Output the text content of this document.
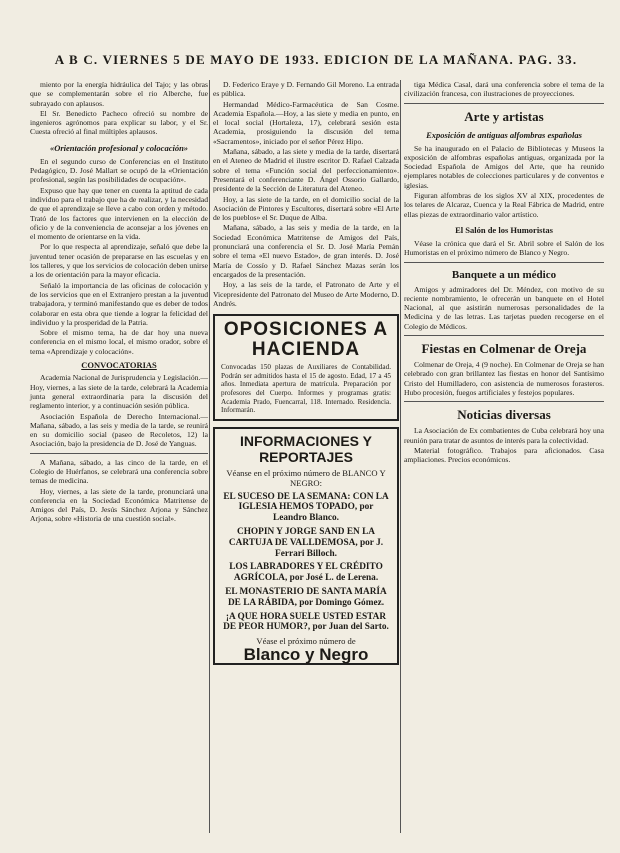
A B C. VIERNES 5 DE MAYO DE 1933. EDICION DE LA MAÑANA. PAG. 33.

miento por la energía hidráulica del Tajo; y las obras que se complementarán sobre el rio Alberche, fue subrayado con aplausos.

El Sr. Benedicto Pacheco ofreció su nombre de ingenieros agrónomos para explicar su labor, y el Sr. Cuesta ofreció al final múltiples aplausos.

«Orientación profesional y colocación»

En el segundo curso de Conferencias en el Instituto Pedagógico, D. José Mallart se ocupó de la «Orientación profesional, según las posibilidades de ocupación».

Expuso que hay que tener en cuenta la aptitud de cada individuo para el trabajo que ha de realizar, y la necesidad de que el aprendizaje se lleve a cabo con orden y método. Trató de los factores que intervienen en la elección de oficio y de la conveniencia de aconsejar a los jóvenes en el momento de orientarse en la vida.

Por lo que respecta al aprendizaje, señaló que debe la juventud tener ocasión de prepararse en las escuelas y en los talleres, y que los servicios de colocación deben unirse a los de orientación para la mayor eficacia.

Señaló la importancia de las oficinas de colocación y de los servicios que en el Extranjero prestan a la juventud trabajadora, y terminó manifestando que es deber de todos colaborar en esta obra que tiende a lograr la felicidad del individuo y la prosperidad de la Patria.

Sobre el mismo tema, ha de dar hoy una nueva conferencia en el mismo local, el mismo orador, sobre el tema «Aprendizaje y colocación».

CONVOCATORIAS

Academia Nacional de Jurisprudencia y Legislación.—Hoy, viernes, a las siete de la tarde, celebrará la Academia junta general extraordinaria para la discusión del reglamento interior, y a continuación sesión pública.

Asociación Española de Derecho Internacional.—Mañana, sábado, a las seis y media de la tarde, se reunirá en su domicilio social (paseo de Recoletos, 12) la Asociación, bajo la presidencia de D. José de Yanguas.

A Mañana, sábado, a las cinco de la tarde, en el Colegio de Huérfanos, se celebrará una conferencia sobre temas de medicina.

Hoy, viernes, a las siete de la tarde, pronunciará una conferencia en la Sociedad Económica Matritense de Amigos del País, D. Jesús Sánchez Arjona y Sánchez Arjona, sobre «Historia de una cuestión social».

D. Federico Eraye y D. Fernando Gil Moreno. La entrada es pública.

Hermandad Médico-Farmacéutica de San Cosme. Academia Española.—Hoy, a las siete y media en punto, en el local social (Hortaleza, 17), celebrará sesión esta Academia, prosiguiendo la discusión del tema «Sacramentos», iniciado por el señor Pérez Hipo.

Mañana, sábado, a las siete y media de la tarde, disertará en el Ateneo de Madrid el ilustre escritor D. Rafael Calzada sobre el tema «Función social del perfeccionamiento». Presentará el conferenciante D. Ángel Ossorio Gallardo, presidente de la Sección de Literatura del Ateneo.

Hoy, a las siete de la tarde, en el domicilio social de la Asociación de Pintores y Escultores, disertará sobre «El Arte de los pueblos» el Sr. Duque de Alba.

Mañana, sábado, a las seis y media de la tarde, en la Sociedad Económica Matritense de Amigos del País, pronunciará una conferencia el Sr. D. José María Pemán sobre el tema «El nuevo Estado», de gran interés. D. José María de Cossío y D. Rafael Sánchez Mazas serán los encargados de la presentación.

Hoy, a las seis de la tarde, el Patronato de Arte y el Vicepresidente del Patronato del Museo de Arte Moderno, D. Andrés.

OPOSICIONES A HACIENDA
Convocadas 150 plazas de Auxiliares de Contabilidad. Podrán ser admitidos hasta el 15 de agosto. Edad, 17 a 45 años. Inmediata apertura de matrícula. Preparación por profesores del Cuerpo. Informes y programas gratis: Academia Prado, Fuencarral, 118. Internado. Residencia. Informarán.
INFORMACIONES Y REPORTAJES
Véanse en el próximo número de BLANCO Y NEGRO:
EL SUCESO DE LA SEMANA: CON LA IGLESIA HEMOS TOPADO, por Leandro Blanco.
CHOPIN Y JORGE SAND EN LA CARTUJA DE VALLDEMOSA, por J. Ferrari Billoch.
LOS LABRADORES Y EL CRÉDITO AGRÍCOLA, por José L. de Lerena.
EL MONASTERIO DE SANTA MARÍA DE LA RÁBIDA, por Domingo Gómez.
¡A QUE HORA SUELE USTED ESTAR DE PEOR HUMOR?, por Juan del Sarto.
Véase el próximo número de
Blanco y Negro

tiga Médica Casal, dará una conferencia sobre el tema de la civilización francesa, con ilustraciones de proyecciones.

Arte y artistas
Exposición de antiguas alfombras españolas

Se ha inaugurado en el Palacio de Bibliotecas y Museos la exposición de alfombras españolas antiguas, organizada por la Sociedad Española de Amigos del Arte, que ha reunido ejemplares notables de colecciones particulares y de conventos e iglesias.

Figuran alfombras de los siglos XV al XIX, procedentes de los telares de Alcaraz, Cuenca y la Real Fábrica de Madrid, entre ellas piezas de extraordinario valor artístico.

El Salón de los Humoristas

Véase la crónica que dará el Sr. Abril sobre el Salón de los Humoristas en el próximo número de Blanco y Negro.

Banquete a un médico

Amigos y admiradores del Dr. Méndez, con motivo de su reciente nombramiento, le ofrecerán un banquete en el Hotel Nacional, al que asistirán numerosas personalidades de la Medicina y de las letras. Las tarjetas pueden recogerse en el Colegio de Médicos.

Fiestas en Colmenar de Oreja

Colmenar de Oreja, 4 (9 noche). En Colmenar de Oreja se han celebrado con gran brillantez las fiestas en honor del Santísimo Cristo del Humilladero, con asistencia de numerosos forasteros. Hubo procesión, fuegos artificiales y festejos populares.

Noticias diversas

La Asociación de Ex combatientes de Cuba celebrará hoy una reunión para tratar de asuntos de interés para la colectividad.

Material fotográfico. Trabajos para aficionados. Casa ampliaciones. Precios económicos.
